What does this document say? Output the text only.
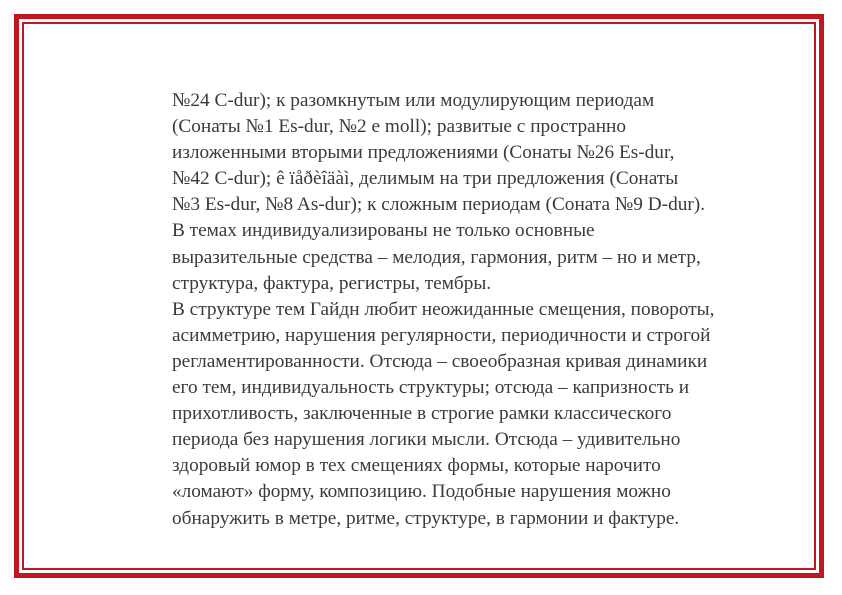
№24 C-dur); к разомкнутым или модулирующим периодам
(Сонаты №1 Es-dur, №2 e moll); развитые с пространно
изложенными вторыми предложениями (Сонаты №26 Es-dur,
№42 C-dur); ê ïåðèîäàì, делимым на три предложения (Сонаты
№3 Es-dur, №8 As-dur); к сложным периодам (Соната №9 D-dur).
В темах индивидуализированы не только основные
выразительные средства – мелодия, гармония, ритм – но и метр,
структура, фактура, регистры, тембры.
В структуре тем Гайдн любит неожиданные смещения, повороты,
асимметрию, нарушения регулярности, периодичности и строгой
регламентированности. Отсюда – своеобразная кривая динамики
его тем, индивидуальность структуры; отсюда – капризность и
прихотливость, заключенные в строгие рамки классического
периода без нарушения логики мысли. Отсюда – удивительно
здоровый юмор в тех смещениях формы, которые нарочито
«ломают» форму, композицию. Подобные нарушения можно
обнаружить в метре, ритме, структуре, в гармонии и фактуре.
